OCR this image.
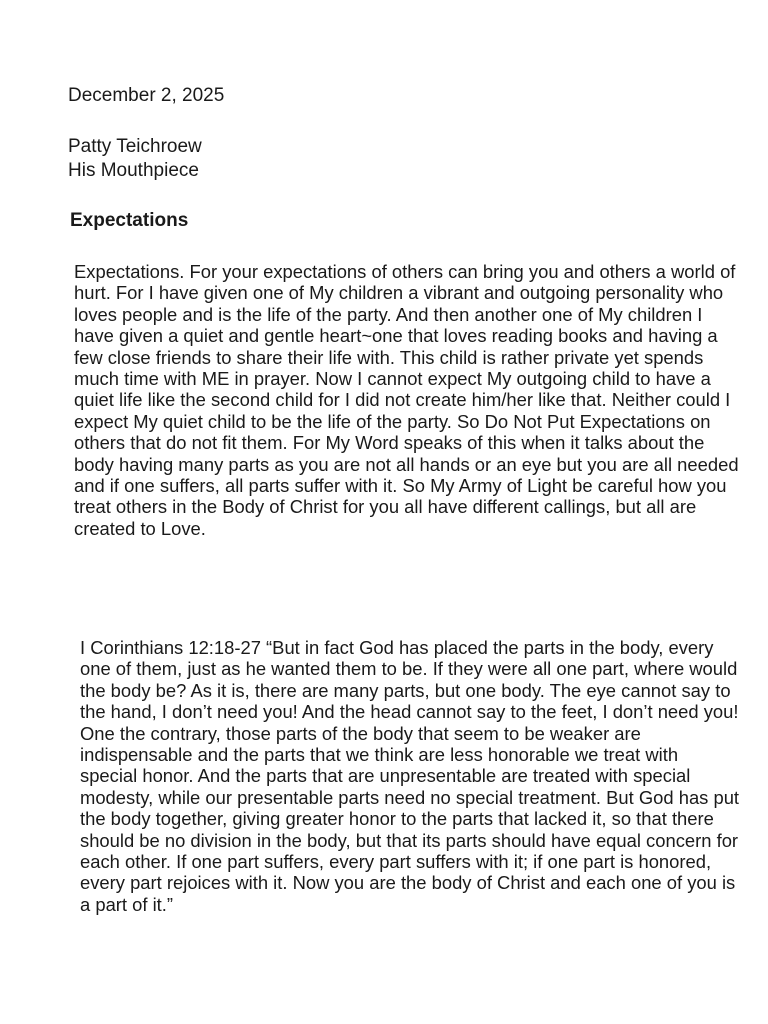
December 2, 2025
Patty Teichroew
His Mouthpiece
Expectations

Expectations. For your expectations of others can bring you and others a world of hurt. For I have given one of My children a vibrant and outgoing personality who loves people and is the life of the party. And then another one of My children I have given a quiet and gentle heart~one that loves reading books and having a few close friends to share their life with. This child is rather private yet spends much time with ME in prayer. Now I cannot expect My outgoing child to have a quiet life like the second child for I did not create him/her like that. Neither could I expect My quiet child to be the life of the party. So Do Not Put Expectations on others that do not fit them. For My Word speaks of this when it talks about the body having many parts as you are not all hands or an eye but you are all needed and if one suffers, all parts suffer with it. So My Army of Light be careful how you treat others in the Body of Christ for you all have different callings, but all are created to Love.

I Corinthians 12:18-27 “But in fact God has placed the parts in the body, every one of them, just as he wanted them to be. If they were all one part, where would the body be? As it is, there are many parts, but one body. The eye cannot say to the hand, I don’t need you! And the head cannot say to the feet, I don’t need you! One the contrary, those parts of the body that seem to be weaker are indispensable and the parts that we think are less honorable we treat with special honor. And the parts that are unpresentable are treated with special modesty, while our presentable parts need no special treatment. But God has put the body together, giving greater honor to the parts that lacked it, so that there should be no division in the body, but that its parts should have equal concern for each other. If one part suffers, every part suffers with it; if one part is honored, every part rejoices with it. Now you are the body of Christ and each one of you is a part of it.”
